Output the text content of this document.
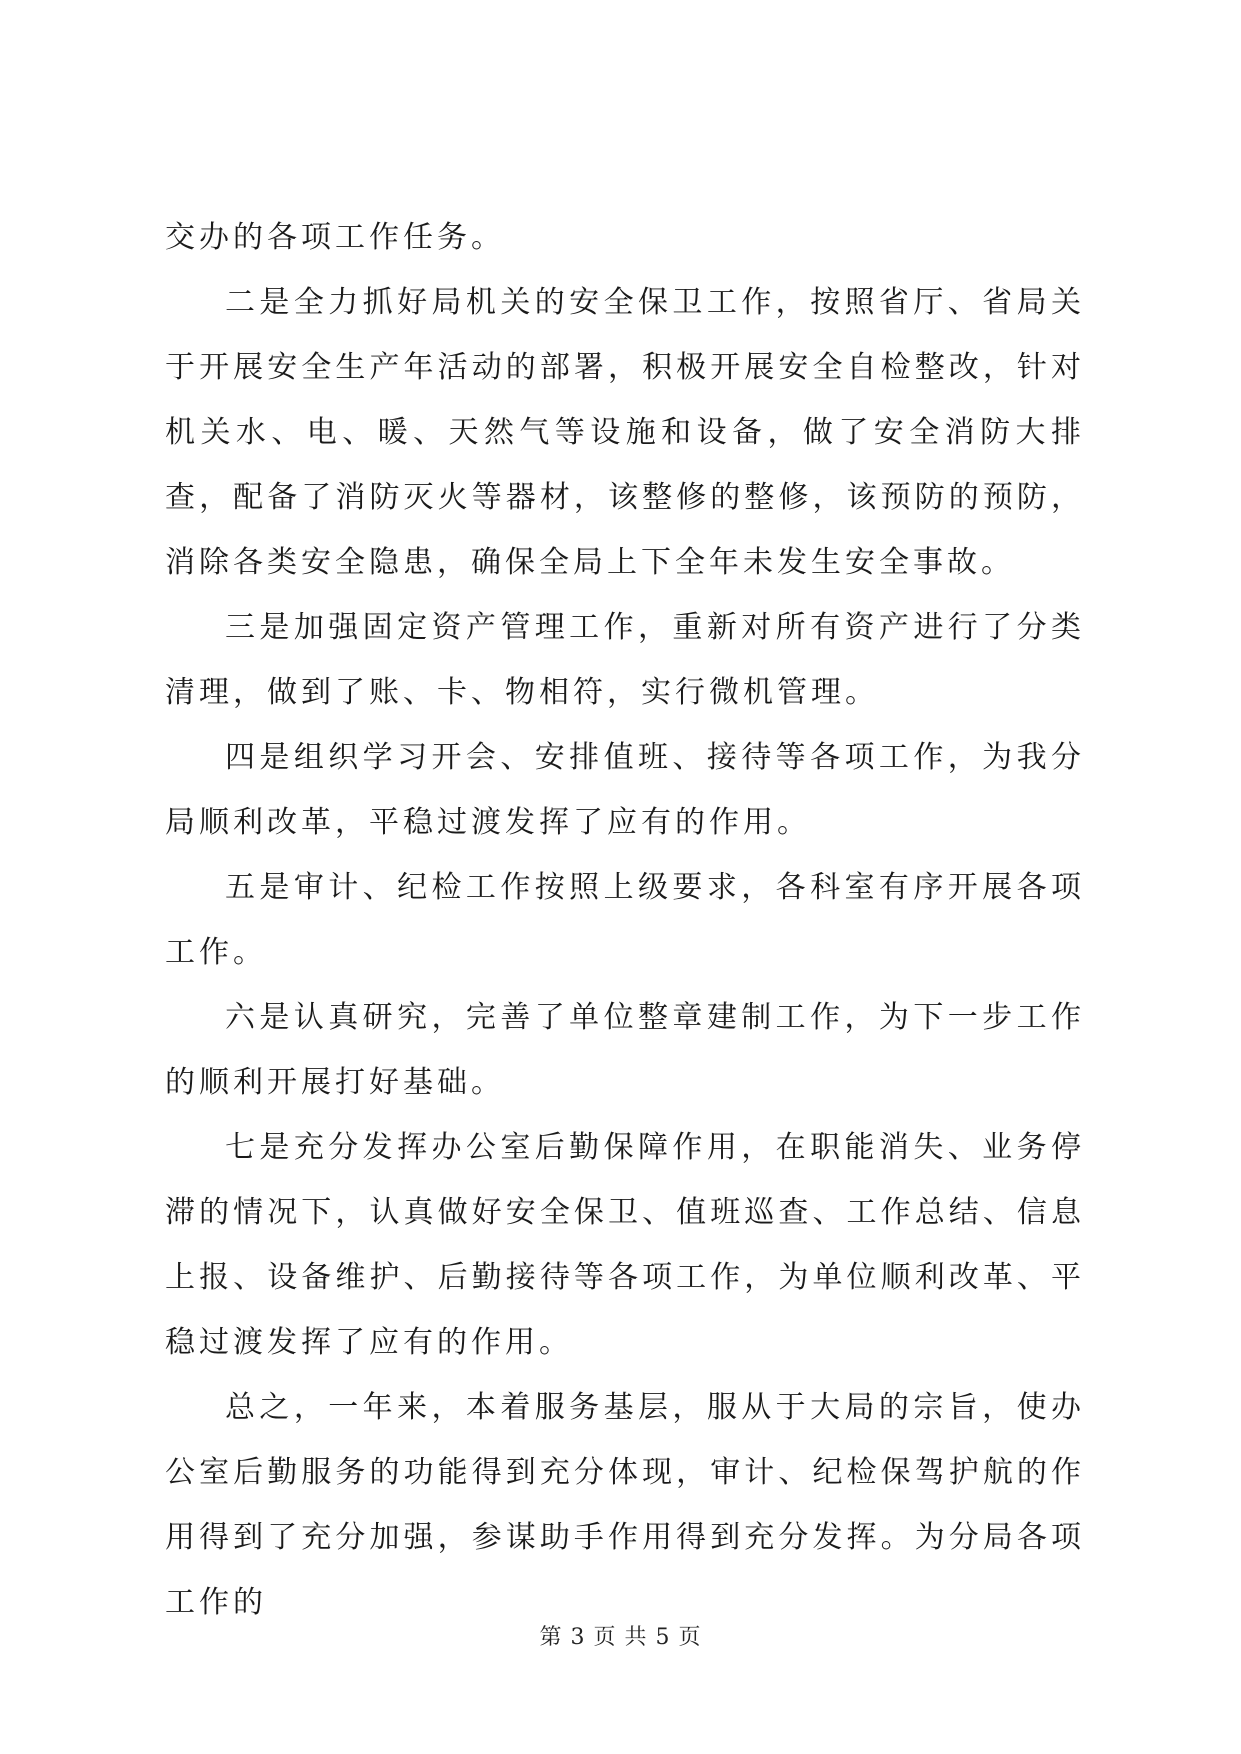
交办的各项工作任务。

二是全力抓好局机关的安全保卫工作，按照省厅、省局关于开展安全生产年活动的部署，积极开展安全自检整改，针对机关水、电、暖、天然气等设施和设备，做了安全消防大排查，配备了消防灭火等器材，该整修的整修，该预防的预防，消除各类安全隐患，确保全局上下全年未发生安全事故。

三是加强固定资产管理工作，重新对所有资产进行了分类清理，做到了账、卡、物相符，实行微机管理。

四是组织学习开会、安排值班、接待等各项工作，为我分局顺利改革，平稳过渡发挥了应有的作用。

五是审计、纪检工作按照上级要求，各科室有序开展各项工作。

六是认真研究，完善了单位整章建制工作，为下一步工作的顺利开展打好基础。

七是充分发挥办公室后勤保障作用，在职能消失、业务停滞的情况下，认真做好安全保卫、值班巡查、工作总结、信息上报、设备维护、后勤接待等各项工作，为单位顺利改革、平稳过渡发挥了应有的作用。

总之，一年来，本着服务基层，服从于大局的宗旨，使办公室后勤服务的功能得到充分体现，审计、纪检保驾护航的作用得到了充分加强，参谋助手作用得到充分发挥。为分局各项工作的

第 3 页 共 5 页
